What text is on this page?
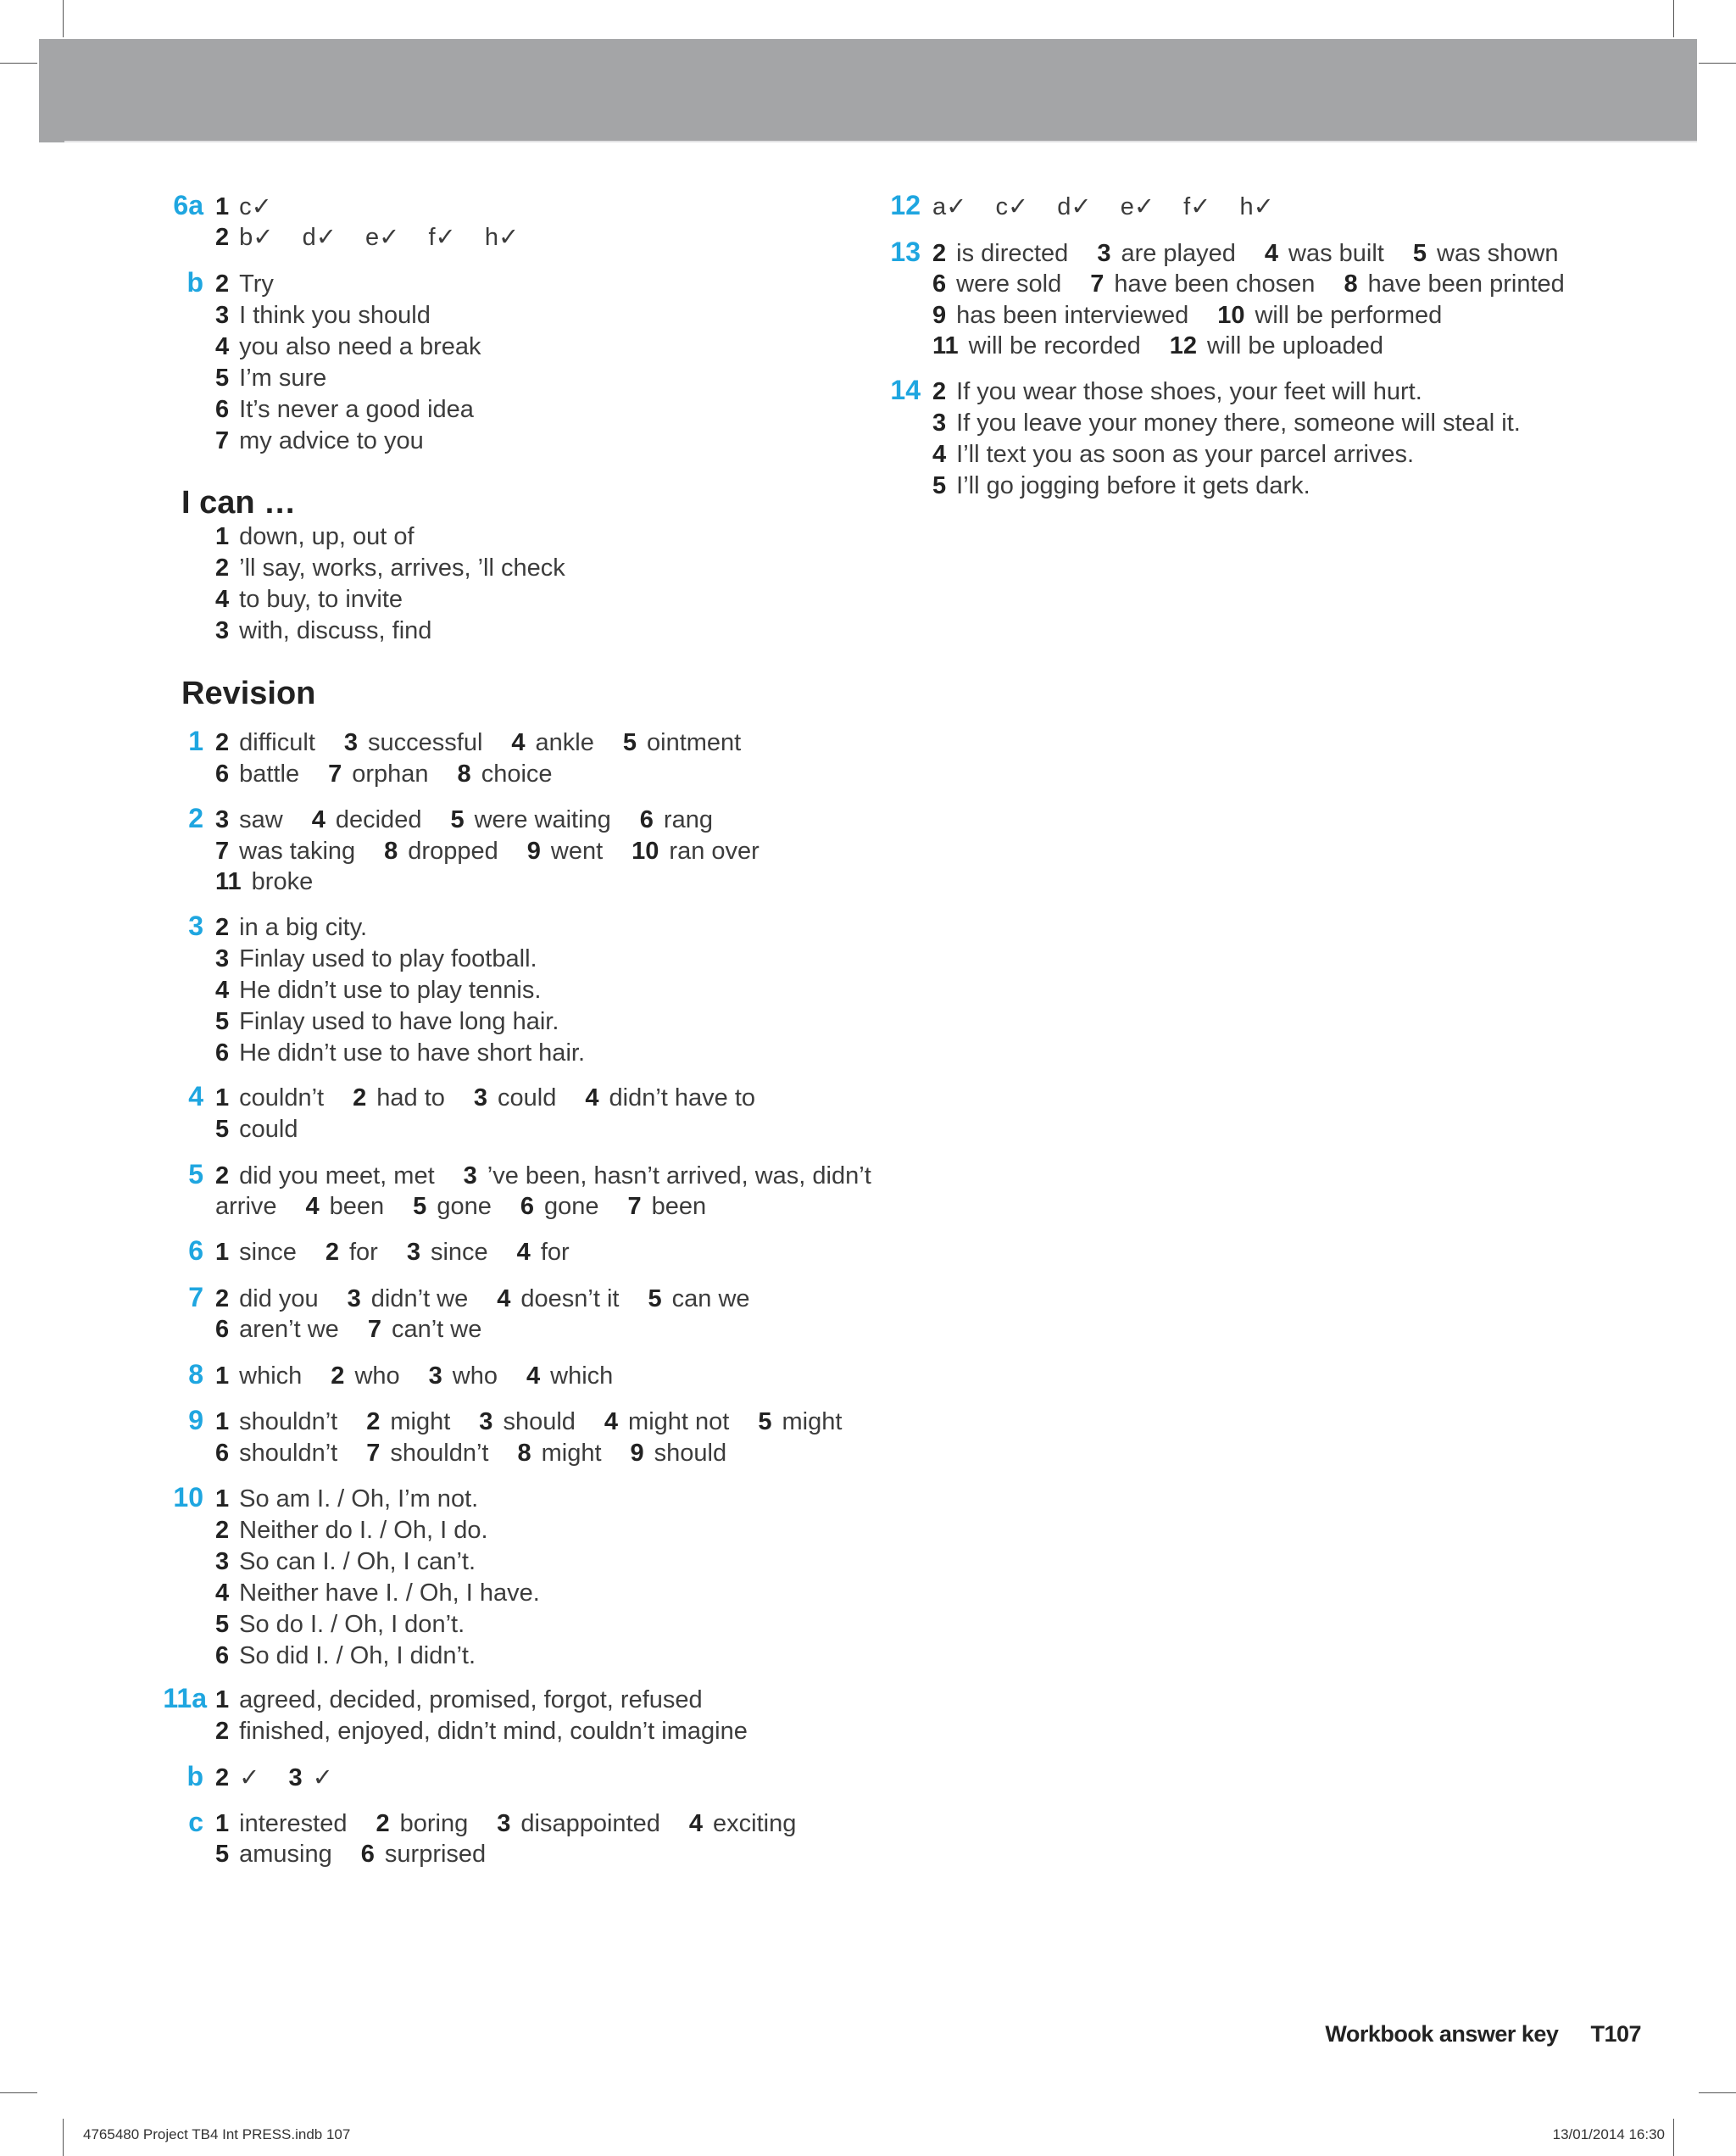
6a 1 c✓
2 b✓ d✓ e✓ f✓ h✓
b 2 Try
3 I think you should
4 you also need a break
5 I’m sure
6 It’s never a good idea
7 my advice to you
I can …
1 down, up, out of
2 ’ll say, works, arrives, ’ll check
4 to buy, to invite
3 with, discuss, find
Revision
1 2 difficult 3 successful 4 ankle 5 ointment
6 battle 7 orphan 8 choice
2 3 saw 4 decided 5 were waiting 6 rang
7 was taking 8 dropped 9 went 10 ran over
11 broke
3 2 in a big city.
3 Finlay used to play football.
4 He didn’t use to play tennis.
5 Finlay used to have long hair.
6 He didn’t use to have short hair.
4 1 couldn’t 2 had to 3 could 4 didn’t have to
5 could
5 2 did you meet, met 3 ’ve been, hasn’t arrived, was, didn’t
arrive 4 been 5 gone 6 gone 7 been
6 1 since 2 for 3 since 4 for
7 2 did you 3 didn’t we 4 doesn’t it 5 can we
6 aren’t we 7 can’t we
8 1 which 2 who 3 who 4 which
9 1 shouldn’t 2 might 3 should 4 might not 5 might
6 shouldn’t 7 shouldn’t 8 might 9 should
10 1 So am I. / Oh, I’m not.
2 Neither do I. / Oh, I do.
3 So can I. / Oh, I can’t.
4 Neither have I. / Oh, I have.
5 So do I. / Oh, I don’t.
6 So did I. / Oh, I didn’t.
11a 1 agreed, decided, promised, forgot, refused
2 finished, enjoyed, didn’t mind, couldn’t imagine
b 2 ✓ 3 ✓
c 1 interested 2 boring 3 disappointed 4 exciting
5 amusing 6 surprised
12 a✓ c✓ d✓ e✓ f✓ h✓
13 2 is directed 3 are played 4 was built 5 was shown
6 were sold 7 have been chosen 8 have been printed
9 has been interviewed 10 will be performed
11 will be recorded 12 will be uploaded
14 2 If you wear those shoes, your feet will hurt.
3 If you leave your money there, someone will steal it.
4 I’ll text you as soon as your parcel arrives.
5 I’ll go jogging before it gets dark.
Workbook answer key T107
4765480 Project TB4 Int PRESS.indb 107	13/01/2014 16:30
